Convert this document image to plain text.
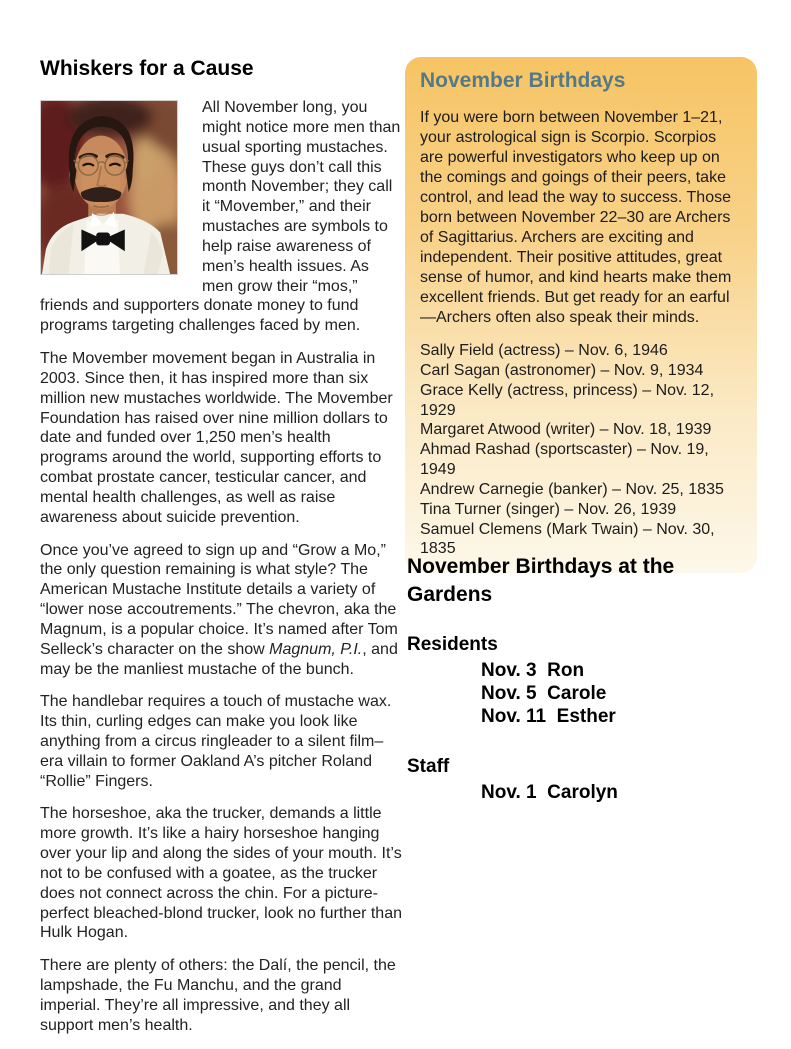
Whiskers for a Cause
All November long, you might notice more men than usual sporting mustaches. These guys don’t call this month November; they call it “Movember,” and their mustaches are symbols to help raise awareness of men’s health issues. As men grow their “mos,” friends and supporters donate money to fund programs targeting challenges faced by men.

The Movember movement began in Australia in 2003. Since then, it has inspired more than six million new mustaches worldwide. The Movember Foundation has raised over nine million dollars to date and funded over 1,250 men’s health programs around the world, supporting efforts to combat prostate cancer, testicular cancer, and mental health challenges, as well as raise awareness about suicide prevention.

Once you’ve agreed to sign up and “Grow a Mo,” the only question remaining is what style? The American Mustache Institute details a variety of “lower nose accoutrements.” The chevron, aka the Magnum, is a popular choice. It’s named after Tom Selleck’s character on the show Magnum, P.I., and may be the manliest mustache of the bunch.

The handlebar requires a touch of mustache wax. Its thin, curling edges can make you look like anything from a circus ringleader to a silent film–era villain to former Oakland A’s pitcher Roland “Rollie” Fingers.

The horseshoe, aka the trucker, demands a little more growth. It’s like a hairy horseshoe hanging over your lip and along the sides of your mouth. It’s not to be confused with a goatee, as the trucker does not connect across the chin. For a picture-perfect bleached-blond trucker, look no further than Hulk Hogan.

There are plenty of others: the Dalí, the pencil, the lampshade, the Fu Manchu, and the grand imperial. They’re all impressive, and they all support men’s health.

November Birthdays

If you were born between November 1–21, your astrological sign is Scorpio. Scorpios are powerful investigators who keep up on the comings and goings of their peers, take control, and lead the way to success. Those born between November 22–30 are Archers of Sagittarius. Archers are exciting and independent. Their positive attitudes, great sense of humor, and kind hearts make them excellent friends. But get ready for an earful—Archers often also speak their minds.

Sally Field (actress) – Nov. 6, 1946
Carl Sagan (astronomer) – Nov. 9, 1934
Grace Kelly (actress, princess) – Nov. 12, 1929
Margaret Atwood (writer) – Nov. 18, 1939
Ahmad Rashad (sportscaster) – Nov. 19, 1949
Andrew Carnegie (banker) – Nov. 25, 1835
Tina Turner (singer) – Nov. 26, 1939
Samuel Clemens (Mark Twain) – Nov. 30, 1835
November Birthdays at the Gardens
Residents
Nov. 3  Ron
Nov. 5  Carole
Nov. 11  Esther
Staff
Nov. 1  Carolyn
